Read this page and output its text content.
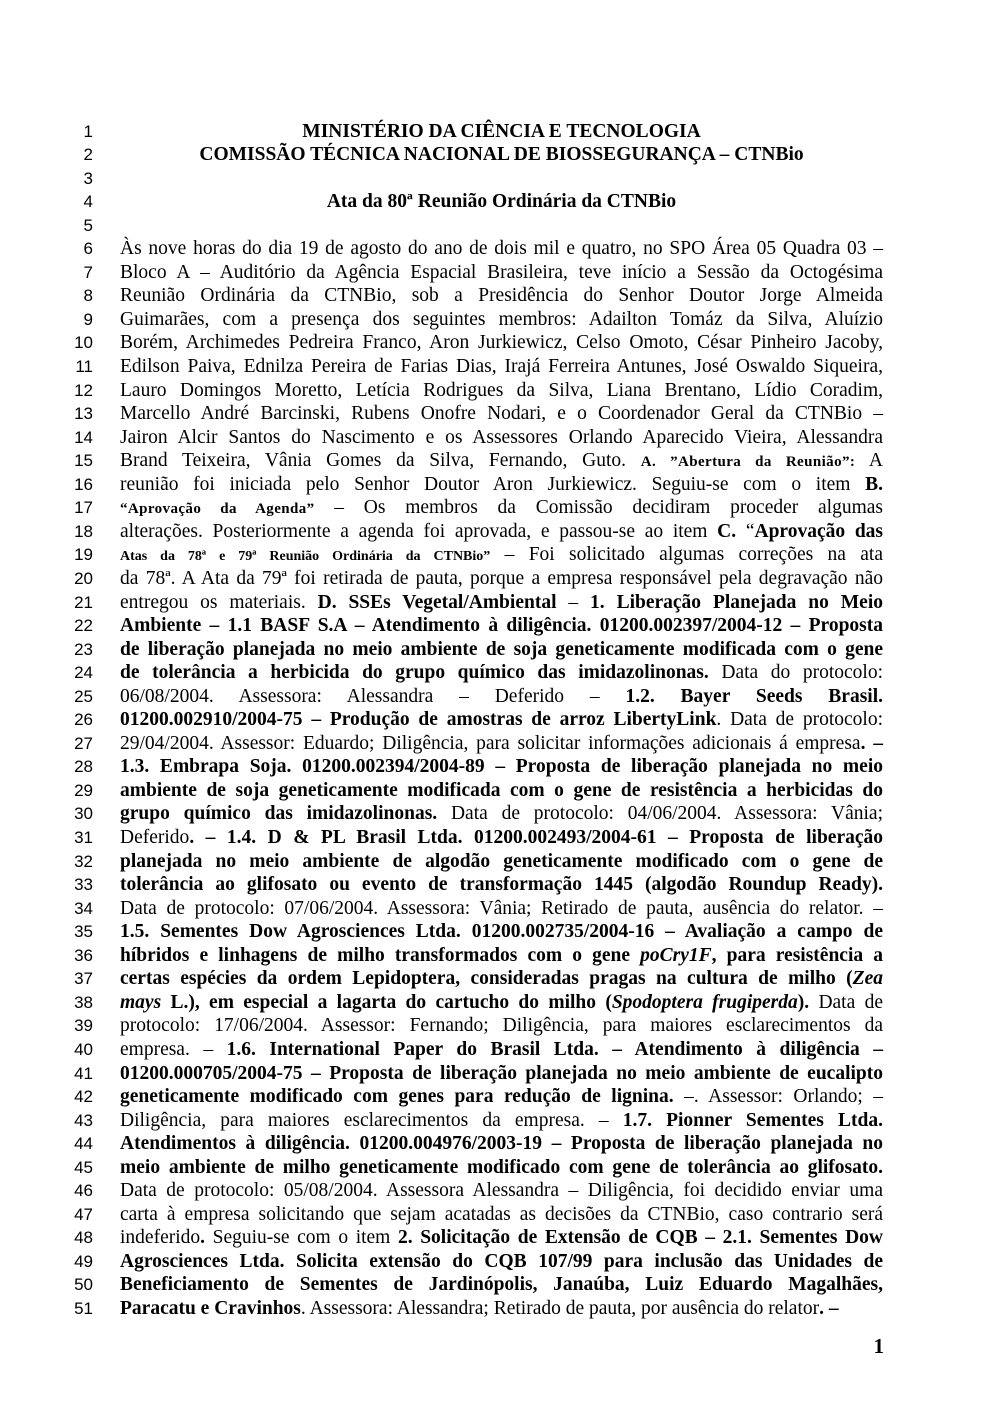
1	MINISTÉRIO DA CIÊNCIA E TECNOLOGIA
2	COMISSÃO TÉCNICA NACIONAL DE BIOSSEGURANÇA – CTNBio
3
4	Ata da 80ª Reunião Ordinária da CTNBio
5
6 Às nove horas do dia 19 de agosto do ano de dois mil e quatro, no SPO Área 05 Quadra 03 –
7 Bloco A – Auditório da Agência Espacial Brasileira, teve início a Sessão da Octogésima
8 Reunião Ordinária da CTNBio, sob a Presidência do Senhor Doutor Jorge Almeida
9 Guimarães, com a presença dos seguintes membros: Adailton Tomáz da Silva, Aluízio
10 Borém, Archimedes Pedreira Franco, Aron Jurkiewicz, Celso Omoto, César Pinheiro Jacoby,
11 Edilson Paiva, Ednilza Pereira de Farias Dias, Irajá Ferreira Antunes, José Oswaldo Siqueira,
12 Lauro Domingos Moretto, Letícia Rodrigues da Silva, Liana Brentano, Lídio Coradim,
13 Marcello André Barcinski, Rubens Onofre Nodari, e o Coordenador Geral da CTNBio –
14 Jairon Alcir Santos do Nascimento e os Assessores Orlando Aparecido Vieira, Alessandra
15 Brand Teixeira, Vânia Gomes da Silva, Fernando, Guto. A. ”Abertura da Reunião”: A
16 reunião foi iniciada pelo Senhor Doutor Aron Jurkiewicz. Seguiu-se com o item B.
17 “Aprovação da Agenda” – Os membros da Comissão decidiram proceder algumas
18 alterações. Posteriormente a agenda foi aprovada, e passou-se ao item C. “Aprovação das
19 Atas da 78ª e 79ª Reunião Ordinária da CTNBio” – Foi solicitado algumas correções na ata
20 da 78ª. A Ata da 79ª foi retirada de pauta, porque a empresa responsável pela degravação não
21 entregou os materiais. D. SSEs Vegetal/Ambiental – 1. Liberação Planejada no Meio
22 Ambiente – 1.1 BASF S.A – Atendimento à diligência. 01200.002397/2004-12 – Proposta
23 de liberação planejada no meio ambiente de soja geneticamente modificada com o gene
24 de tolerância a herbicida do grupo químico das imidazolinonas. Data do protocolo:
25 06/08/2004. Assessora: Alessandra – Deferido – 1.2. Bayer Seeds Brasil.
26 01200.002910/2004-75 – Produção de amostras de arroz LibertyLink. Data de protocolo:
27 29/04/2004. Assessor: Eduardo; Diligência, para solicitar informações adicionais á empresa. –
28 1.3. Embrapa Soja. 01200.002394/2004-89 – Proposta de liberação planejada no meio
29 ambiente de soja geneticamente modificada com o gene de resistência a herbicidas do
30 grupo químico das imidazolinonas. Data de protocolo: 04/06/2004. Assessora: Vânia;
31 Deferido. – 1.4. D & PL Brasil Ltda. 01200.002493/2004-61 – Proposta de liberação
32 planejada no meio ambiente de algodão geneticamente modificado com o gene de
33 tolerância ao glifosato ou evento de transformação 1445 (algodão Roundup Ready).
34 Data de protocolo: 07/06/2004. Assessora: Vânia; Retirado de pauta, ausência do relator. –
35 1.5. Sementes Dow Agrosciences Ltda. 01200.002735/2004-16 – Avaliação a campo de
36 híbridos e linhagens de milho transformados com o gene poCry1F, para resistência a
37 certas espécies da ordem Lepidoptera, consideradas pragas na cultura de milho (Zea
38 mays L.), em especial a lagarta do cartucho do milho (Spodoptera frugiperda). Data de
39 protocolo: 17/06/2004. Assessor: Fernando; Diligência, para maiores esclarecimentos da
40 empresa. – 1.6. International Paper do Brasil Ltda. – Atendimento à diligência –
41 01200.000705/2004-75 – Proposta de liberação planejada no meio ambiente de eucalipto
42 geneticamente modificado com genes para redução de lignina. –. Assessor: Orlando; –
43 Diligência, para maiores esclarecimentos da empresa. – 1.7. Pionner Sementes Ltda.
44 Atendimentos à diligência. 01200.004976/2003-19 – Proposta de liberação planejada no
45 meio ambiente de milho geneticamente modificado com gene de tolerância ao glifosato.
46 Data de protocolo: 05/08/2004. Assessora Alessandra – Diligência, foi decidido enviar uma
47 carta à empresa solicitando que sejam acatadas as decisões da CTNBio, caso contrario será
48 indeferido. Seguiu-se com o item 2. Solicitação de Extensão de CQB – 2.1. Sementes Dow
49 Agrosciences Ltda. Solicita extensão do CQB 107/99 para inclusão das Unidades de
50 Beneficiamento de Sementes de Jardinópolis, Janaúba, Luiz Eduardo Magalhães,
51 Paracatu e Cravinhos. Assessora: Alessandra; Retirado de pauta, por ausência do relator. –
1
